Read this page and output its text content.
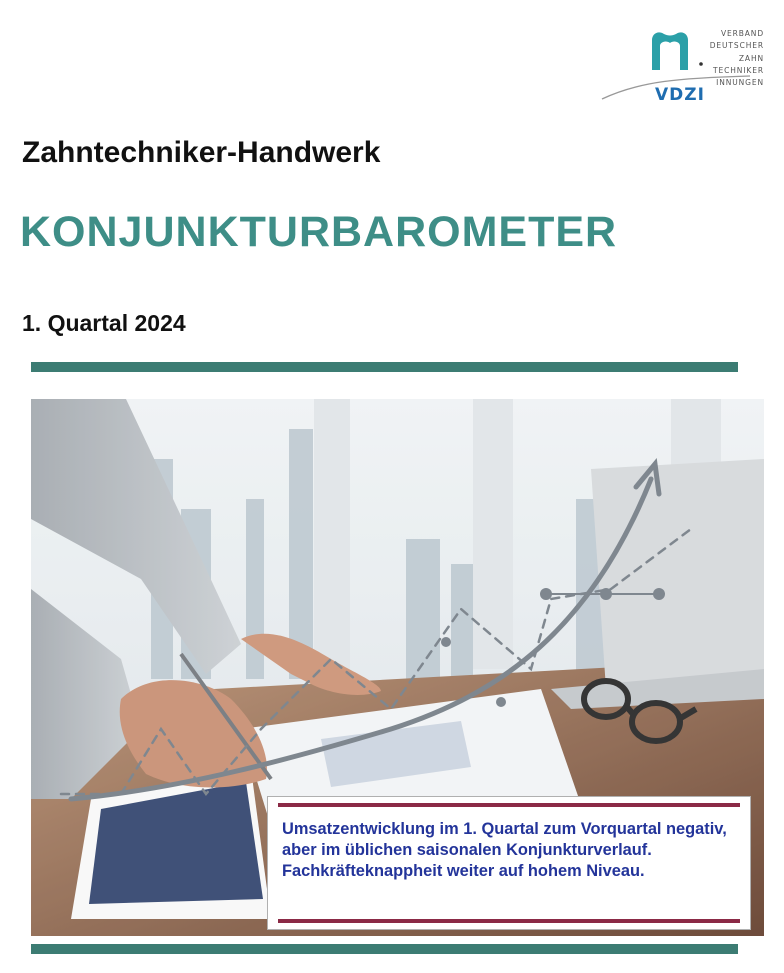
VERBAND
DEUTSCHER
ZAHN
TECHNIKER
INNUNGEN
VDZI
Zahntechniker-Handwerk
KONJUNKTURBAROMETER
1. Quartal 2024
Umsatzentwicklung im 1. Quartal zum Vorquartal negativ, aber im üblichen saisonalen Konjunkturverlauf. Fachkräfteknappheit weiter auf hohem Niveau.
